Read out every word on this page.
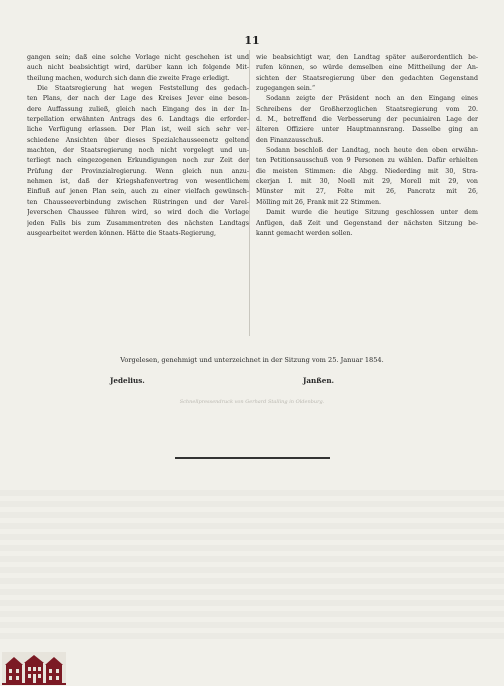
11
gangen sein; daß eine solche Vorlage nicht geschehen ist und
auch nicht beabsichtigt wird, darüber kann ich folgende Mit-
theilung machen, wodurch sich dann die zweite Frage erledigt.
Die Staatsregierung hat wegen Feststellung des gedach-
ten Plans, der nach der Lage des Kreises Jever eine beson-
dere Auffassung zuließ, gleich nach Eingang des in der In-
terpellation erwähnten Antrags des 6. Landtags die erforder-
liche Verfügung erlassen. Der Plan ist, weil sich sehr ver-
schiedene Ansichten über dieses Spezialchausseenetz geltend
machten, der Staatsregierung noch nicht vorgelegt und un-
terliegt nach eingezogenen Erkundigungen noch zur Zeit der
Prüfung der Provinzialregierung. Wenn gleich nun anzu-
nehmen ist, daß der Kriegshafenvertrag von wesentlichem
Einfluß auf jenen Plan sein, auch zu einer vielfach gewünsch-
ten Chausseeverbindung zwischen Rüstringen und der Varel-
Jeverschen Chaussee führen wird, so wird doch die Vorlage
jeden Falls bis zum Zusammentreten des nächsten Landtags
ausgearbeitet werden können. Hätte die Staats-Regierung,
wie beabsichtigt war, den Landtag später außerordentlich be-
rufen können, so würde demselben eine Mittheilung der An-
sichten der Staatsregierung über den gedachten Gegenstand
zugegangen sein.“
Sodann zeigte der Präsident noch an den Eingang eines
Schreibens der Großherzoglichen Staatsregierung vom 20.
d. M., betreffend die Verbesserung der pecuniairen Lage der
älteren Offiziere unter Hauptmannsrang. Dasselbe ging an
den Finanzausschuß.
Sodann beschloß der Landtag, noch heute den oben erwähn-
ten Petitionsausschuß von 9 Personen zu wählen. Dafür erhielten
die meisten Stimmen: die Abgg. Niederding mit 30, Stra-
ckerjan I. mit 30, Noell mit 29, Morell mit 29, von
Münster mit 27, Folte mit 26, Pancratz mit 26,
Mölling mit 26, Frank mit 22 Stimmen.
Damit wurde die heutige Sitzung geschlossen unter dem
Anfügen, daß Zeit und Gegenstand der nächsten Sitzung be-
kannt gemacht werden sollen.
Vorgelesen, genehmigt und unterzeichnet in der Sitzung vom 25. Januar 1854.
Jedelius.	Janßen.
Schnellpressendruck von Gerhard Stalling in Oldenburg.
